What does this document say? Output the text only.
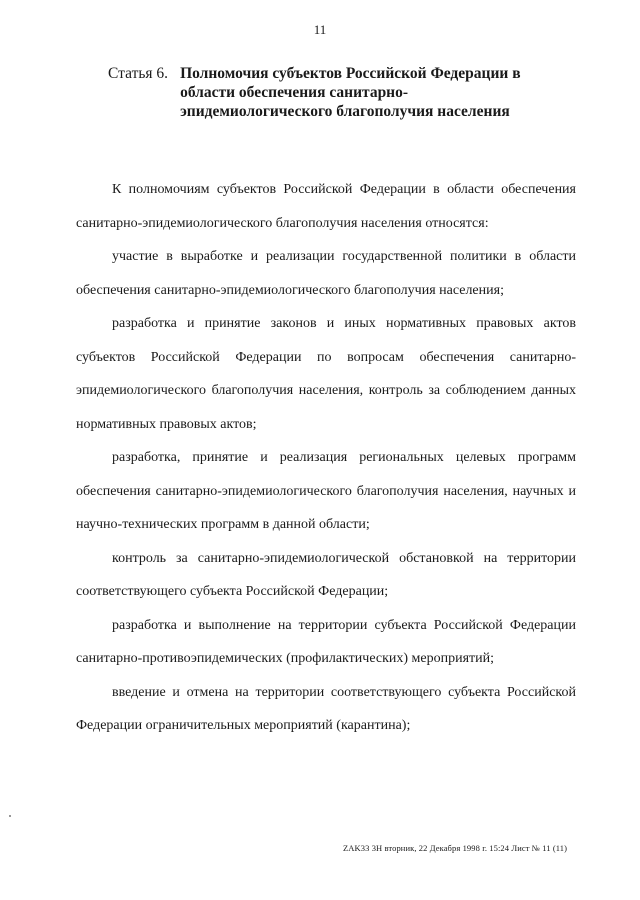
11
Статья 6. Полномочия субъектов Российской Федерации в области обеспечения санитарно-эпидемиологического благополучия населения

К полномочиям субъектов Российской Федерации в области обеспечения санитарно-эпидемиологического благополучия населения относятся:

участие в выработке и реализации государственной политики в области обеспечения санитарно-эпидемиологического благополучия населения;

разработка и принятие законов и иных нормативных правовых актов субъектов Российской Федерации по вопросам обеспечения санитарно-эпидемиологического благополучия населения, контроль за соблюдением данных нормативных правовых актов;

разработка, принятие и реализация региональных целевых программ обеспечения санитарно-эпидемиологического благополучия населения, научных и научно-технических программ в данной области;

контроль за санитарно-эпидемиологической обстановкой на территории соответствующего субъекта Российской Федерации;

разработка и выполнение на территории субъекта Российской Федерации санитарно-противоэпидемических (профилактических) мероприятий;

введение и отмена на территории соответствующего субъекта Российской Федерации ограничительных мероприятий (карантина);

ZAK33 3H вторник, 22 Декабря 1998 г. 15:24 Лист № 11 (11)
